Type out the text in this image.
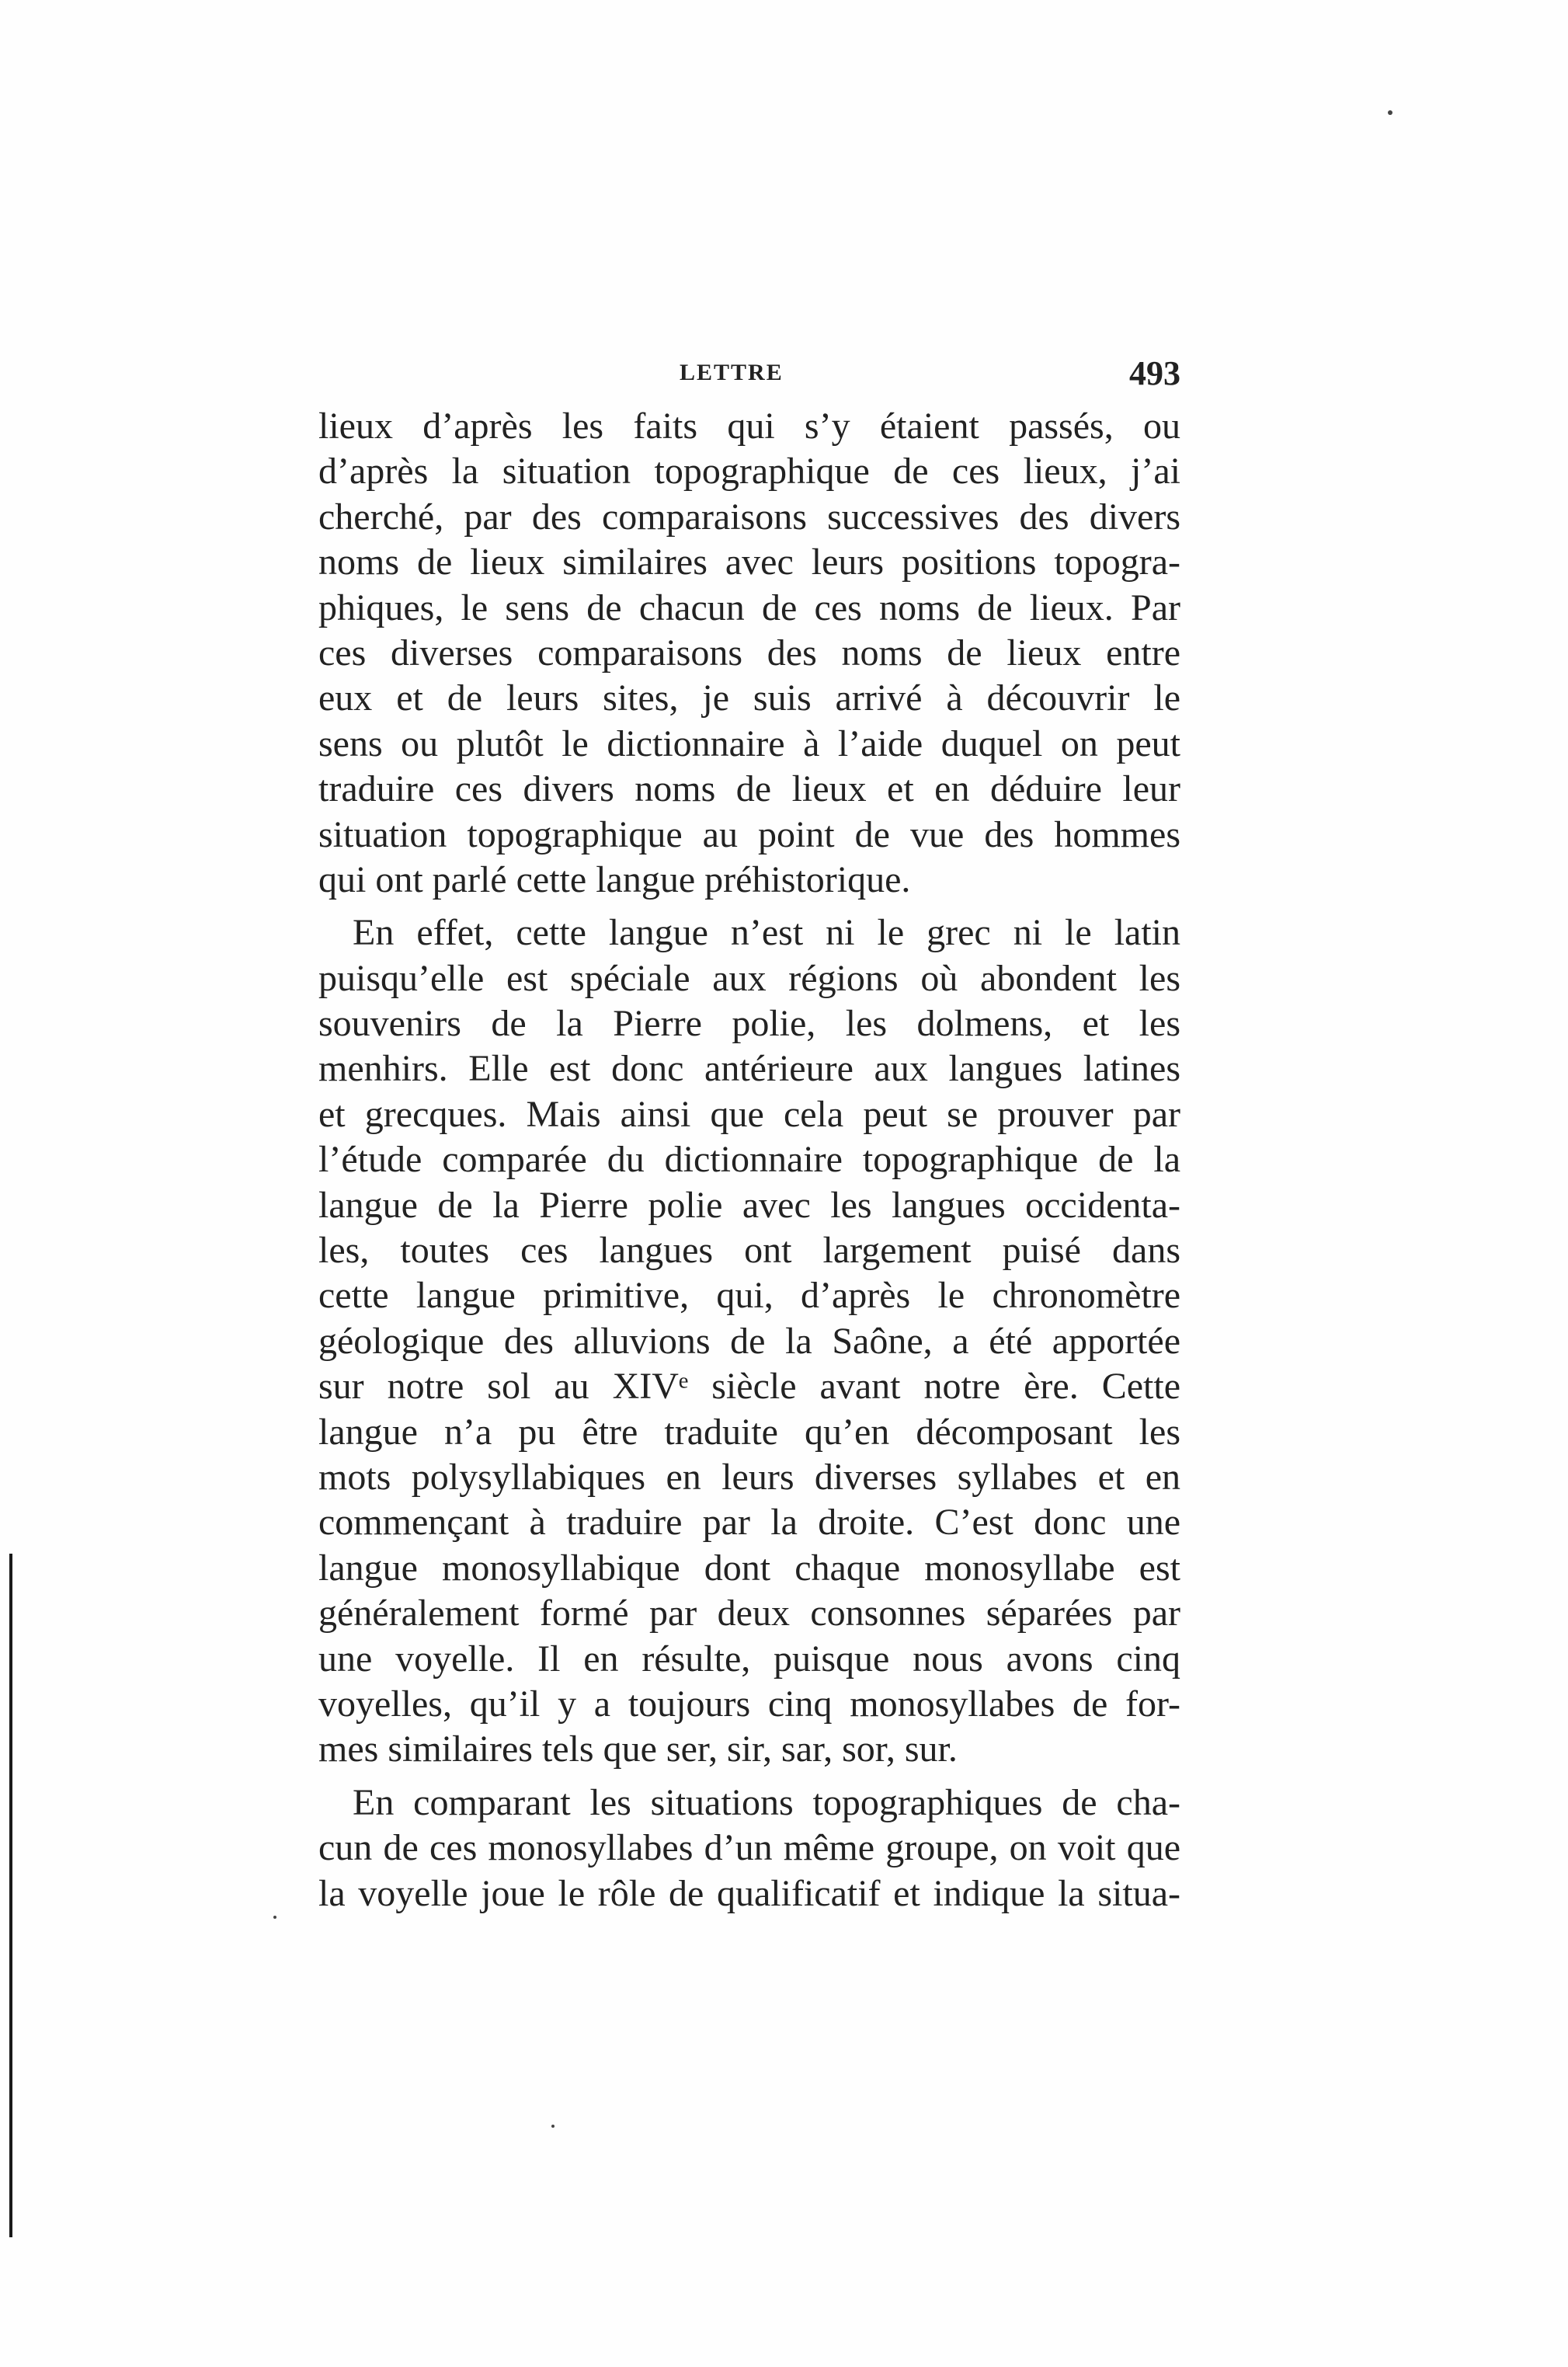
LETTRE	493
lieux d’après les faits qui s’y étaient passés, ou
d’après la situation topographique de ces lieux, j’ai
cherché, par des comparaisons successives des divers
noms de lieux similaires avec leurs positions topogra-
phiques, le sens de chacun de ces noms de lieux. Par
ces diverses comparaisons des noms de lieux entre
eux et de leurs sites, je suis arrivé à découvrir le
sens ou plutôt le dictionnaire à l’aide duquel on peut
traduire ces divers noms de lieux et en déduire leur
situation topographique au point de vue des hommes
qui ont parlé cette langue préhistorique.
En effet, cette langue n’est ni le grec ni le latin
puisqu’elle est spéciale aux régions où abondent les
souvenirs de la Pierre polie, les dolmens, et les
menhirs. Elle est donc antérieure aux langues latines
et grecques. Mais ainsi que cela peut se prouver par
l’étude comparée du dictionnaire topographique de la
langue de la Pierre polie avec les langues occidenta-
les, toutes ces langues ont largement puisé dans
cette langue primitive, qui, d’après le chronomètre
géologique des alluvions de la Saône, a été apportée
sur notre sol au XIVᵉ siècle avant notre ère. Cette
langue n’a pu être traduite qu’en décomposant les
mots polysyllabiques en leurs diverses syllabes et en
commençant à traduire par la droite. C’est donc une
langue monosyllabique dont chaque monosyllabe est
généralement formé par deux consonnes séparées par
une voyelle. Il en résulte, puisque nous avons cinq
voyelles, qu’il y a toujours cinq monosyllabes de for-
mes similaires tels que ser, sir, sar, sor, sur.
En comparant les situations topographiques de cha-
cun de ces monosyllabes d’un même groupe, on voit que
la voyelle joue le rôle de qualificatif et indique la situa-
